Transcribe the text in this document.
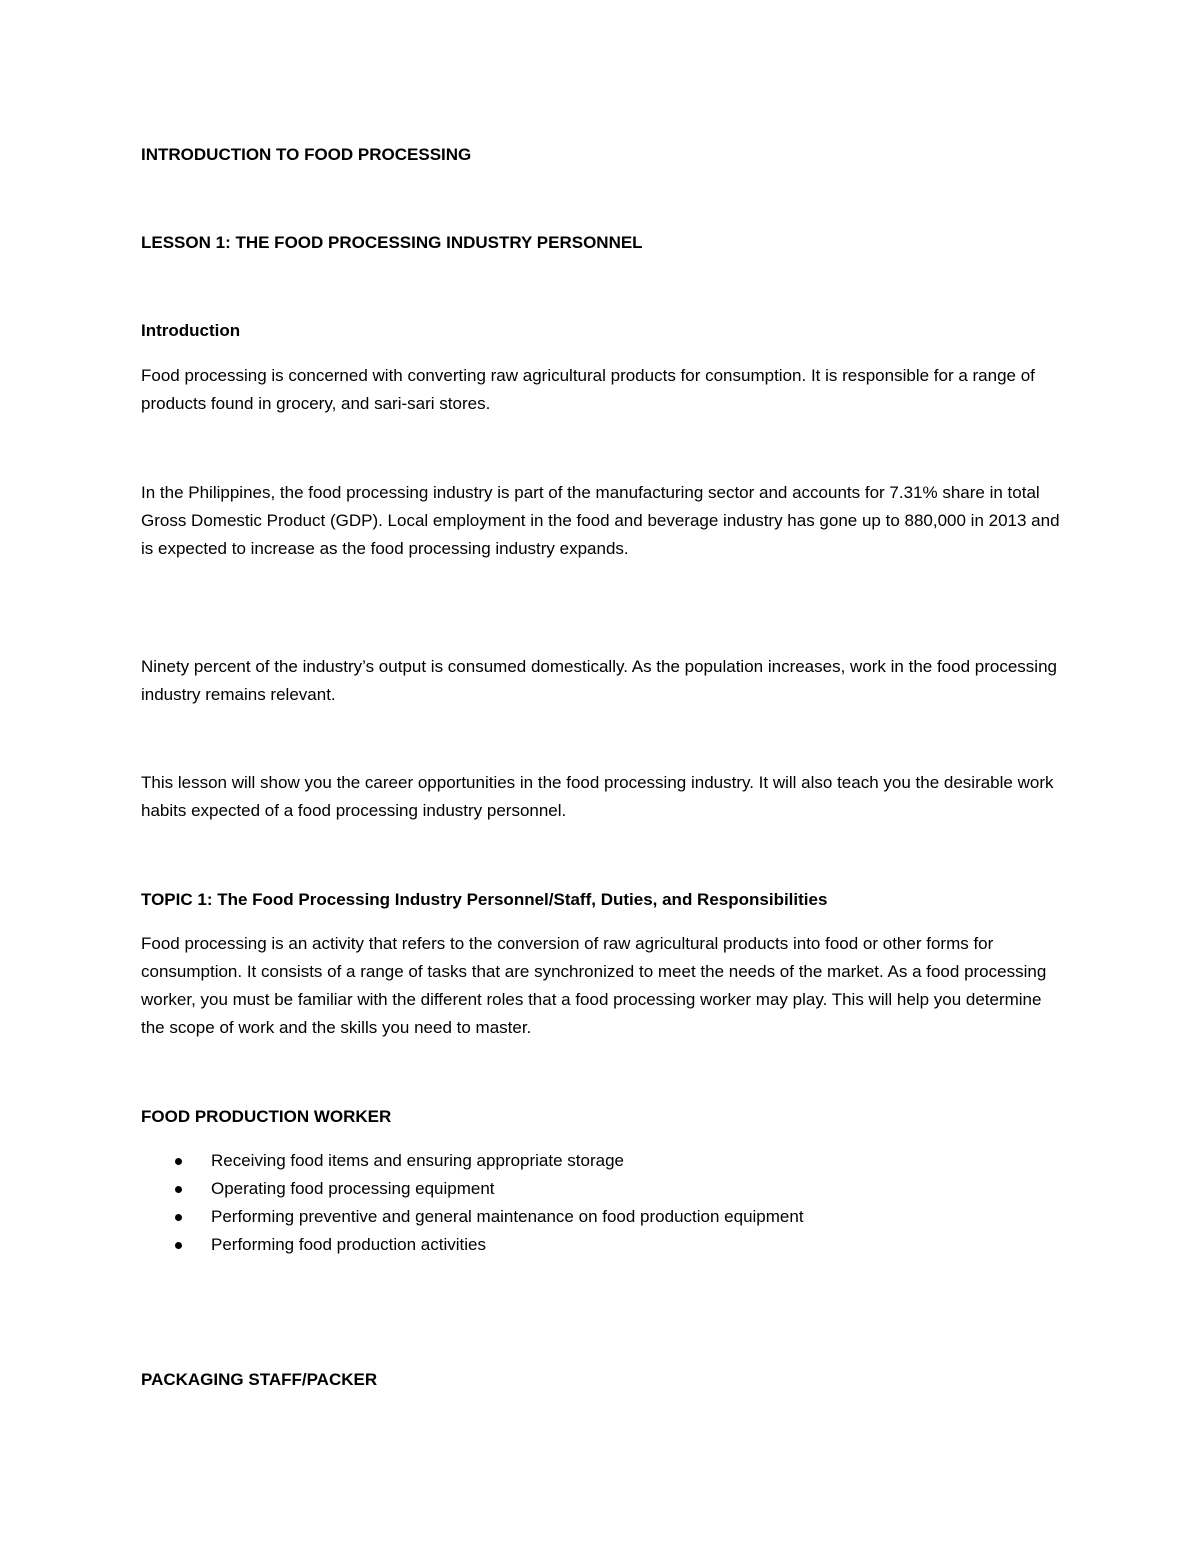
INTRODUCTION TO FOOD PROCESSING
LESSON 1: THE FOOD PROCESSING INDUSTRY PERSONNEL
Introduction

Food processing is concerned with converting raw agricultural products for consumption. It is responsible for a range of products found in grocery, and sari-sari stores.

In the Philippines, the food processing industry is part of the manufacturing sector and accounts for 7.31% share in total Gross Domestic Product (GDP). Local employment in the food and beverage industry has gone up to 880,000 in 2013 and is expected to increase as the food processing industry expands.

Ninety percent of the industry’s output is consumed domestically. As the population increases, work in the food processing industry remains relevant.

This lesson will show you the career opportunities in the food processing industry. It will also teach you the desirable work habits expected of a food processing industry personnel.

TOPIC 1: The Food Processing Industry Personnel/Staff, Duties, and Responsibilities

Food processing is an activity that refers to the conversion of raw agricultural products into food or other forms for consumption. It consists of a range of tasks that are synchronized to meet the needs of the market. As a food processing worker, you must be familiar with the different roles that a food processing worker may play. This will help you determine the scope of work and the skills you need to master.

FOOD PRODUCTION WORKER
Receiving food items and ensuring appropriate storage
Operating food processing equipment
Performing preventive and general maintenance on food production equipment
Performing food production activities
PACKAGING STAFF/PACKER
